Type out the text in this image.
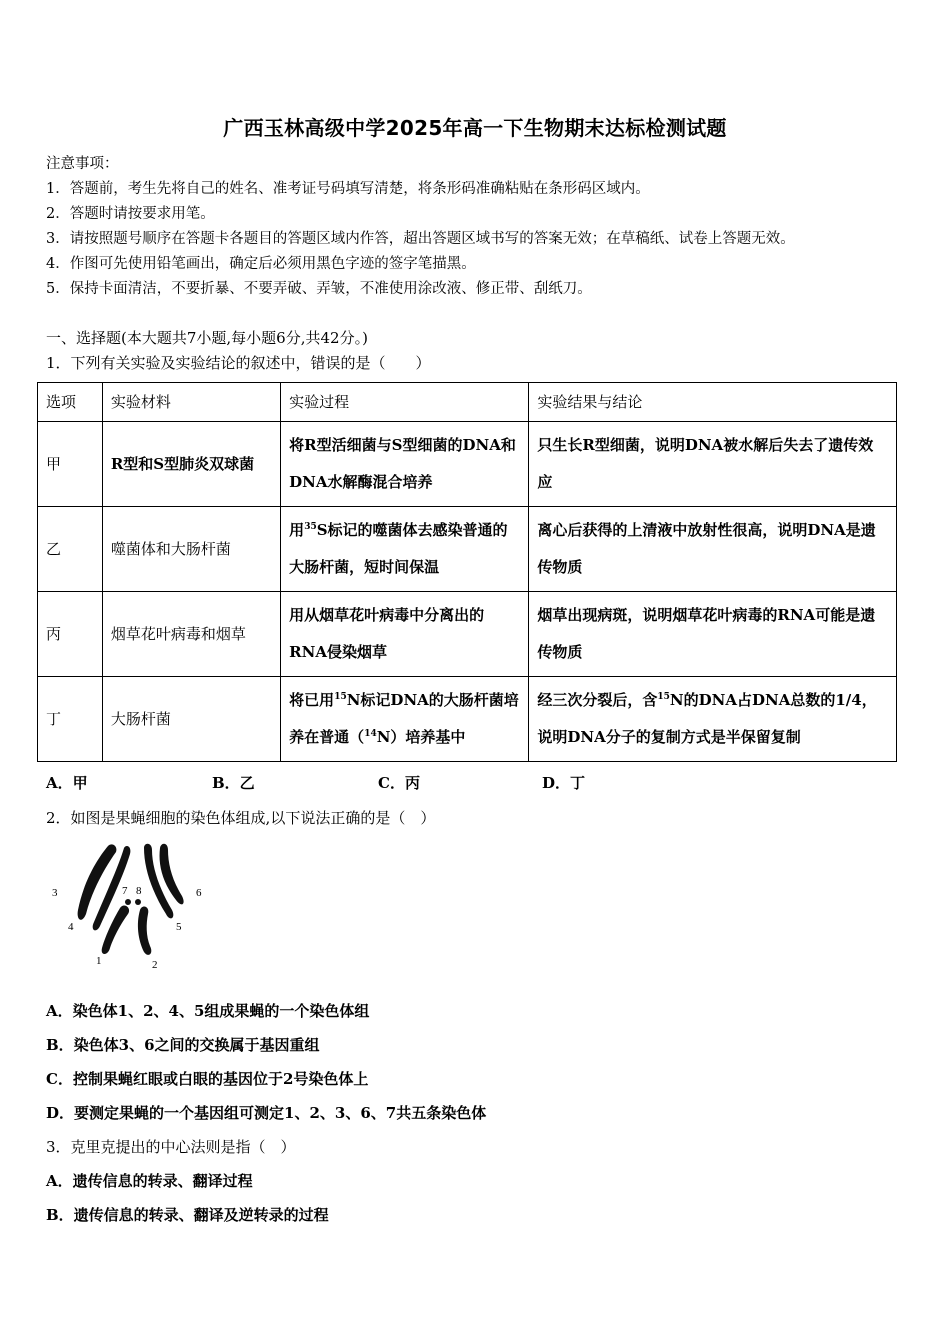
广西玉林高级中学2025年高一下生物期末达标检测试题
注意事项：
1．答题前，考生先将自己的姓名、准考证号码填写清楚，将条形码准确粘贴在条形码区域内。
2．答题时请按要求用笔。
3．请按照题号顺序在答题卡各题目的答题区域内作答，超出答题区域书写的答案无效；在草稿纸、试卷上答题无效。
4．作图可先使用铅笔画出，确定后必须用黑色字迹的签字笔描黑。
5．保持卡面清洁，不要折暴、不要弄破、弄皱，不准使用涂改液、修正带、刮纸刀。
一、选择题(本大题共7小题,每小题6分,共42分。)
1．下列有关实验及实验结论的叙述中，错误的是（　　）
选项	实验材料	实验过程	实验结果与结论
甲	R型和S型肺炎双球菌	将R型活细菌与S型细菌的DNA和DNA水解酶混合培养	只生长R型细菌，说明DNA被水解后失去了遗传效应
乙	噬菌体和大肠杆菌	用$^{35}$S标记的噬菌体去感染普通的大肠杆菌，短时间保温	离心后获得的上清液中放射性很高，说明DNA是遗传物质
丙	烟草花叶病毒和烟草	用从烟草花叶病毒中分离出的RNA侵染烟草	烟草出现病斑，说明烟草花叶病毒的RNA可能是遗传物质
丁	大肠杆菌	将已用$^{15}$N标记DNA的大肠杆菌培养在普通（$^{14}$N）培养基中	经三次分裂后，含$^{15}$N的DNA占DNA总数的1/4，说明DNA分子的复制方式是半保留复制
A．甲	B．乙	C．丙	D．丁
2．如图是果蝇细胞的染色体组成,以下说法正确的是（　）
3	7 8	6
4	5
1	2
A．染色体1、2、4、5组成果蝇的一个染色体组
B．染色体3、6之间的交换属于基因重组
C．控制果蝇红眼或白眼的基因位于2号染色体上
D．要测定果蝇的一个基因组可测定1、2、3、6、7共五条染色体
3．克里克提出的中心法则是指（　）
A．遗传信息的转录、翻译过程
B．遗传信息的转录、翻译及逆转录的过程
